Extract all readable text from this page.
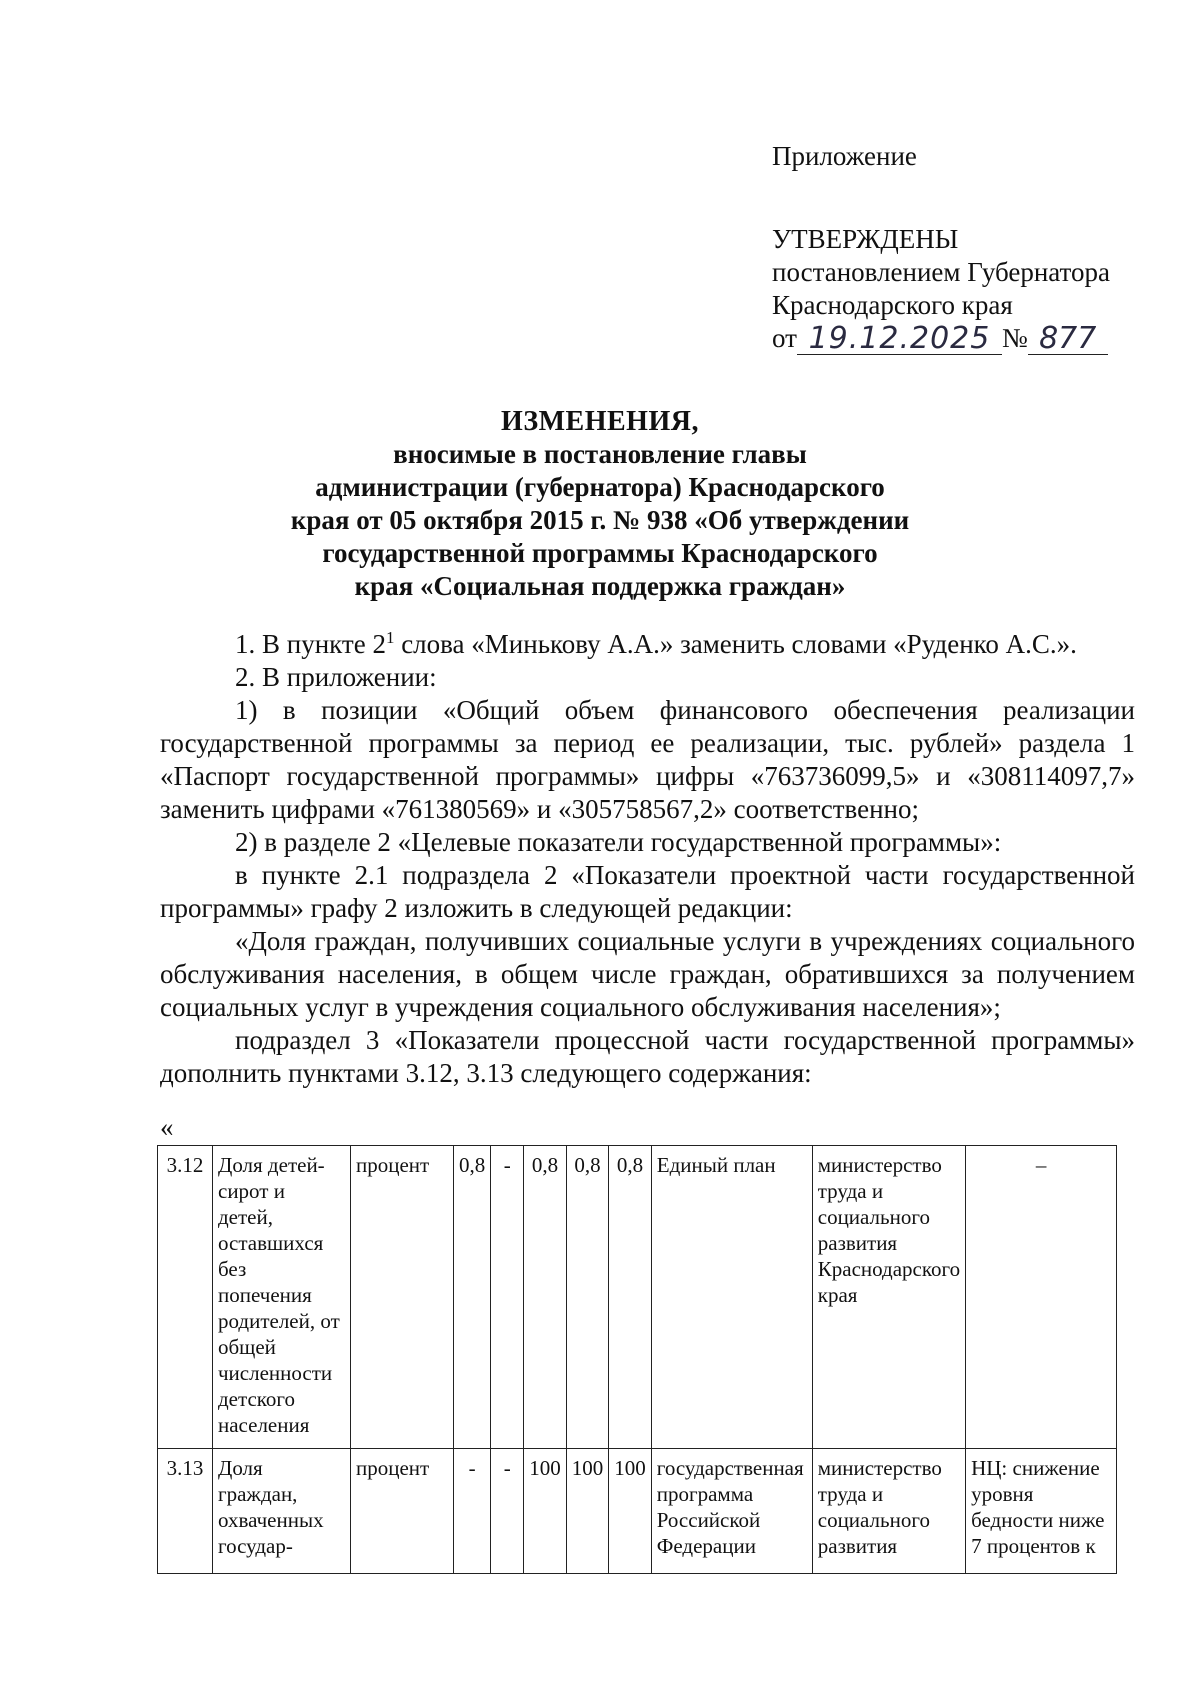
Приложение
УТВЕРЖДЕНЫ
постановлением Губернатора
Краснодарского края
от 19.12.2025 № 877
ИЗМЕНЕНИЯ,
вносимые в постановление главы
администрации (губернатора) Краснодарского
края от 05 октября 2015 г. № 938 «Об утверждении
государственной программы Краснодарского
края «Социальная поддержка граждан»

1. В пункте $2^1$ слова «Минькову А.А.» заменить словами «Руденко А.С.».

2. В приложении:

1) в позиции «Общий объем финансового обеспечения реализации государственной программы за период ее реализации, тыс. рублей» раздела 1 «Паспорт государственной программы» цифры «763736099,5» и «308114097,7» заменить цифрами «761380569» и «305758567,2» соответственно;

2) в разделе 2 «Целевые показатели государственной программы»:

в пункте 2.1 подраздела 2 «Показатели проектной части государственной программы» графу 2 изложить в следующей редакции:

«Доля граждан, получивших социальные услуги в учреждениях социального обслуживания населения, в общем числе граждан, обратившихся за получением социальных услуг в учреждения социального обслуживания населения»;

подраздел 3 «Показатели процессной части государственной программы» дополнить пунктами 3.12, 3.13 следующего содержания:

«
3.12	Доля детей-сирот и детей, оставшихся без попечения родителей, от общей численности детского населения	процент	0,8	-	0,8	0,8	0,8	Единый план	министерство труда и социального развития Краснодарского края	–
3.13	Доля граждан, охваченных государ-	процент	-	-	100	100	100	государственная программа Российской Федерации	министерство труда и социального развития	НЦ: снижение уровня бедности ниже 7 процентов к
